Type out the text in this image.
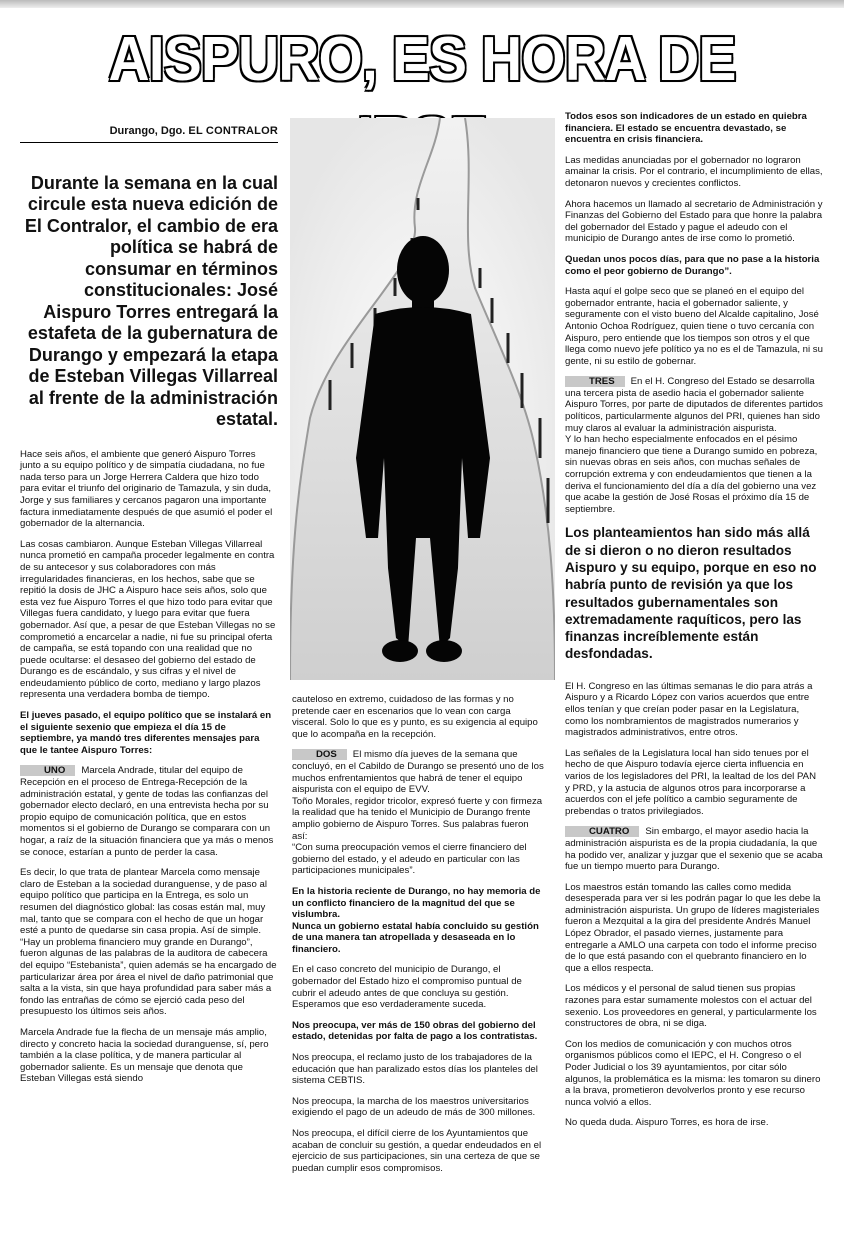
AISPURO, ES HORA DE
Durango, Dgo. EL CONTRALOR

Durante la semana en la cual circule esta nueva edición de El Contralor, el cambio de era política se habrá de consumar en términos constitucionales: José Aispuro Torres entregará la estafeta de la gubernatura de Durango y empezará la etapa de Esteban Villegas Villarreal al frente de la administración estatal.

Hace seis años, el ambiente que generó Aispuro Torres junto a su equipo político y de simpatía ciudadana, no fue nada terso para un Jorge Herrera Caldera que hizo todo para evitar el triunfo del originario de Tamazula, y sin duda, Jorge y sus familiares y cercanos pagaron una importante factura inmediatamente después de que asumió el poder el gobernador de la alternancia.

Las cosas cambiaron. Aunque Esteban Villegas Villarreal nunca prometió en campaña proceder legalmente en contra de su antecesor y sus colaboradores con más irregularidades financieras, en los hechos, sabe que se repitió la dosis de JHC a Aispuro hace seis años, solo que esta vez fue Aispuro Torres el que hizo todo para evitar que Villegas fuera candidato, y luego para evitar que fuera gobernador. Así que, a pesar de que Esteban Villegas no se comprometió a encarcelar a nadie, ni fue su principal oferta de campaña, se está topando con una realidad que no puede ocultarse: el desaseo del gobierno del estado de Durango es de escándalo, y sus cifras y el nivel de endeudamiento público de corto, mediano y largo plazos representa una verdadera bomba de tiempo.

El jueves pasado, el equipo político que se instalará en el siguiente sexenio que empieza el día 15 de septiembre, ya mandó tres diferentes mensajes para que le tantee Aispuro Torres:

UNO Marcela Andrade, titular del equipo de Recepción en el proceso de Entrega-Recepción de la administración estatal, y gente de todas las confianzas del gobernador electo declaró, en una entrevista hecha por su propio equipo de comunicación política, que en estos momentos si el gobierno de Durango se comparara con un hogar, a raíz de la situación financiera que ya más o menos se conoce, estarían a punto de perder la casa.

Es decir, lo que trata de plantear Marcela como mensaje claro de Esteban a la sociedad duranguense, y de paso al equipo político que participa en la Entrega, es solo un resumen del diagnóstico global: las cosas están mal, muy mal, tanto que se compara con el hecho de que un hogar esté a punto de quedarse sin casa propia. Así de simple.

“Hay un problema financiero muy grande en Durango”, fueron algunas de las palabras de la auditora de cabecera del equipo “Estebanista”, quien además se ha encargado de particularizar área por área el nivel de daño patrimonial que salta a la vista, sin que haya profundidad para saber más a fondo las entrañas de cómo se ejerció cada peso del presupuesto los últimos seis años.

Marcela Andrade fue la flecha de un mensaje más amplio, directo y concreto hacia la sociedad duranguense, sí, pero también a la clase política, y de manera particular al gobernador saliente. Es un mensaje que denota que Esteban Villegas está siendo

cauteloso en extremo, cuidadoso de las formas y no pretende caer en escenarios que lo vean con carga visceral. Solo lo que es y punto, es su exigencia al equipo que lo acompaña en la recepción.

DOS El mismo día jueves de la semana que concluyó, en el Cabildo de Durango se presentó uno de los muchos enfrentamientos que habrá de tener el equipo aispurista con el equipo de EVV.

Toño Morales, regidor tricolor, expresó fuerte y con firmeza la realidad que ha tenido el Municipio de Durango frente amplio gobierno de Aispuro Torres. Sus palabras fueron así:

“Con suma preocupación vemos el cierre financiero del gobierno del estado, y el adeudo en particular con las participaciones municipales”.

En la historia reciente de Durango, no hay memoria de un conflicto financiero de la magnitud del que se vislumbra.

Nunca un gobierno estatal había concluido su gestión de una manera tan atropellada y desaseada en lo financiero.

En el caso concreto del municipio de Durango, el gobernador del Estado hizo el compromiso puntual de cubrir el adeudo antes de que concluya su gestión. Esperamos que eso verdaderamente suceda.

Nos preocupa, ver más de 150 obras del gobierno del estado, detenidas por falta de pago a los contratistas.

Nos preocupa, el reclamo justo de los trabajadores de la educación que han paralizado estos días los planteles del sistema CEBTIS.

Nos preocupa, la marcha de los maestros universitarios exigiendo el pago de un adeudo de más de 300 millones.

Nos preocupa, el difícil cierre de los Ayuntamientos que acaban de concluir su gestión, a quedar endeudados en el ejercicio de sus participaciones, sin una certeza de que se puedan cumplir esos compromisos.

Todos esos son indicadores de un estado en quiebra financiera. El estado se encuentra devastado, se encuentra en crisis financiera.

Las medidas anunciadas por el gobernador no lograron amainar la crisis. Por el contrario, el incumplimiento de ellas, detonaron nuevos y crecientes conflictos.

Ahora hacemos un llamado al secretario de Administración y Finanzas del Gobierno del Estado para que honre la palabra del gobernador del Estado y pague el adeudo con el municipio de Durango antes de irse como lo prometió.

Quedan unos pocos días, para que no pase a la historia como el peor gobierno de Durango”.

Hasta aquí el golpe seco que se planeó en el equipo del gobernador entrante, hacia el gobernador saliente, y seguramente con el visto bueno del Alcalde capitalino, José Antonio Ochoa Rodríguez, quien tiene o tuvo cercanía con Aispuro, pero entiende que los tiempos son otros y el que llega como nuevo jefe político ya no es el de Tamazula, ni su gente, ni su estilo de gobernar.

TRES En el H. Congreso del Estado se desarrolla una tercera pista de asedio hacia el gobernador saliente Aispuro Torres, por parte de diputados de diferentes partidos políticos, particularmente algunos del PRI, quienes han sido muy claros al evaluar la administración aispurista.

Y lo han hecho especialmente enfocados en el pésimo manejo financiero que tiene a Durango sumido en pobreza, sin nuevas obras en seis años, con muchas señales de corrupción extrema y con endeudamientos que tienen a la deriva el funcionamiento del día a día del gobierno una vez que acabe la gestión de José Rosas el próximo día 15 de septiembre.

Los planteamientos han sido más allá de si dieron o no dieron resultados Aispuro y su equipo, porque en eso no habría punto de revisión ya que los resultados gubernamentales son extremadamente raquíticos, pero las finanzas increíblemente están desfondadas.

El H. Congreso en las últimas semanas le dio para atrás a Aispuro y a Ricardo López con varios acuerdos que entre ellos tenían y que creían poder pasar en la Legislatura, como los nombramientos de magistrados numerarios y magistrados administrativos, entre otros.

Las señales de la Legislatura local han sido tenues por el hecho de que Aispuro todavía ejerce cierta influencia en varios de los legisladores del PRI, la lealtad de los del PAN y PRD, y la astucia de algunos otros para incorporarse a acuerdos con el jefe político a cambio seguramente de prebendas o tratos privilegiados.

CUATRO Sin embargo, el mayor asedio hacia la administración aispurista es de la propia ciudadanía, la que ha podido ver, analizar y juzgar que el sexenio que se acaba fue un tiempo muerto para Durango.

Los maestros están tomando las calles como medida desesperada para ver si les podrán pagar lo que les debe la administración aispurista. Un grupo de líderes magisteriales fueron a Mezquital a la gira del presidente Andrés Manuel López Obrador, el pasado viernes, justamente para entregarle a AMLO una carpeta con todo el informe preciso de lo que está pasando con el quebranto financiero en lo que a ellos respecta.

Los médicos y el personal de salud tienen sus propias razones para estar sumamente molestos con el actuar del sexenio. Los proveedores en general, y particularmente los constructores de obra, ni se diga.

Con los medios de comunicación y con muchos otros organismos públicos como el IEPC, el H. Congreso o el Poder Judicial o los 39 ayuntamientos, por citar sólo algunos, la problemática es la misma: les tomaron su dinero a la brava, prometieron devolverlos pronto y ese recurso nunca volvió a ellos.

No queda duda. Aispuro Torres, es hora de irse.
